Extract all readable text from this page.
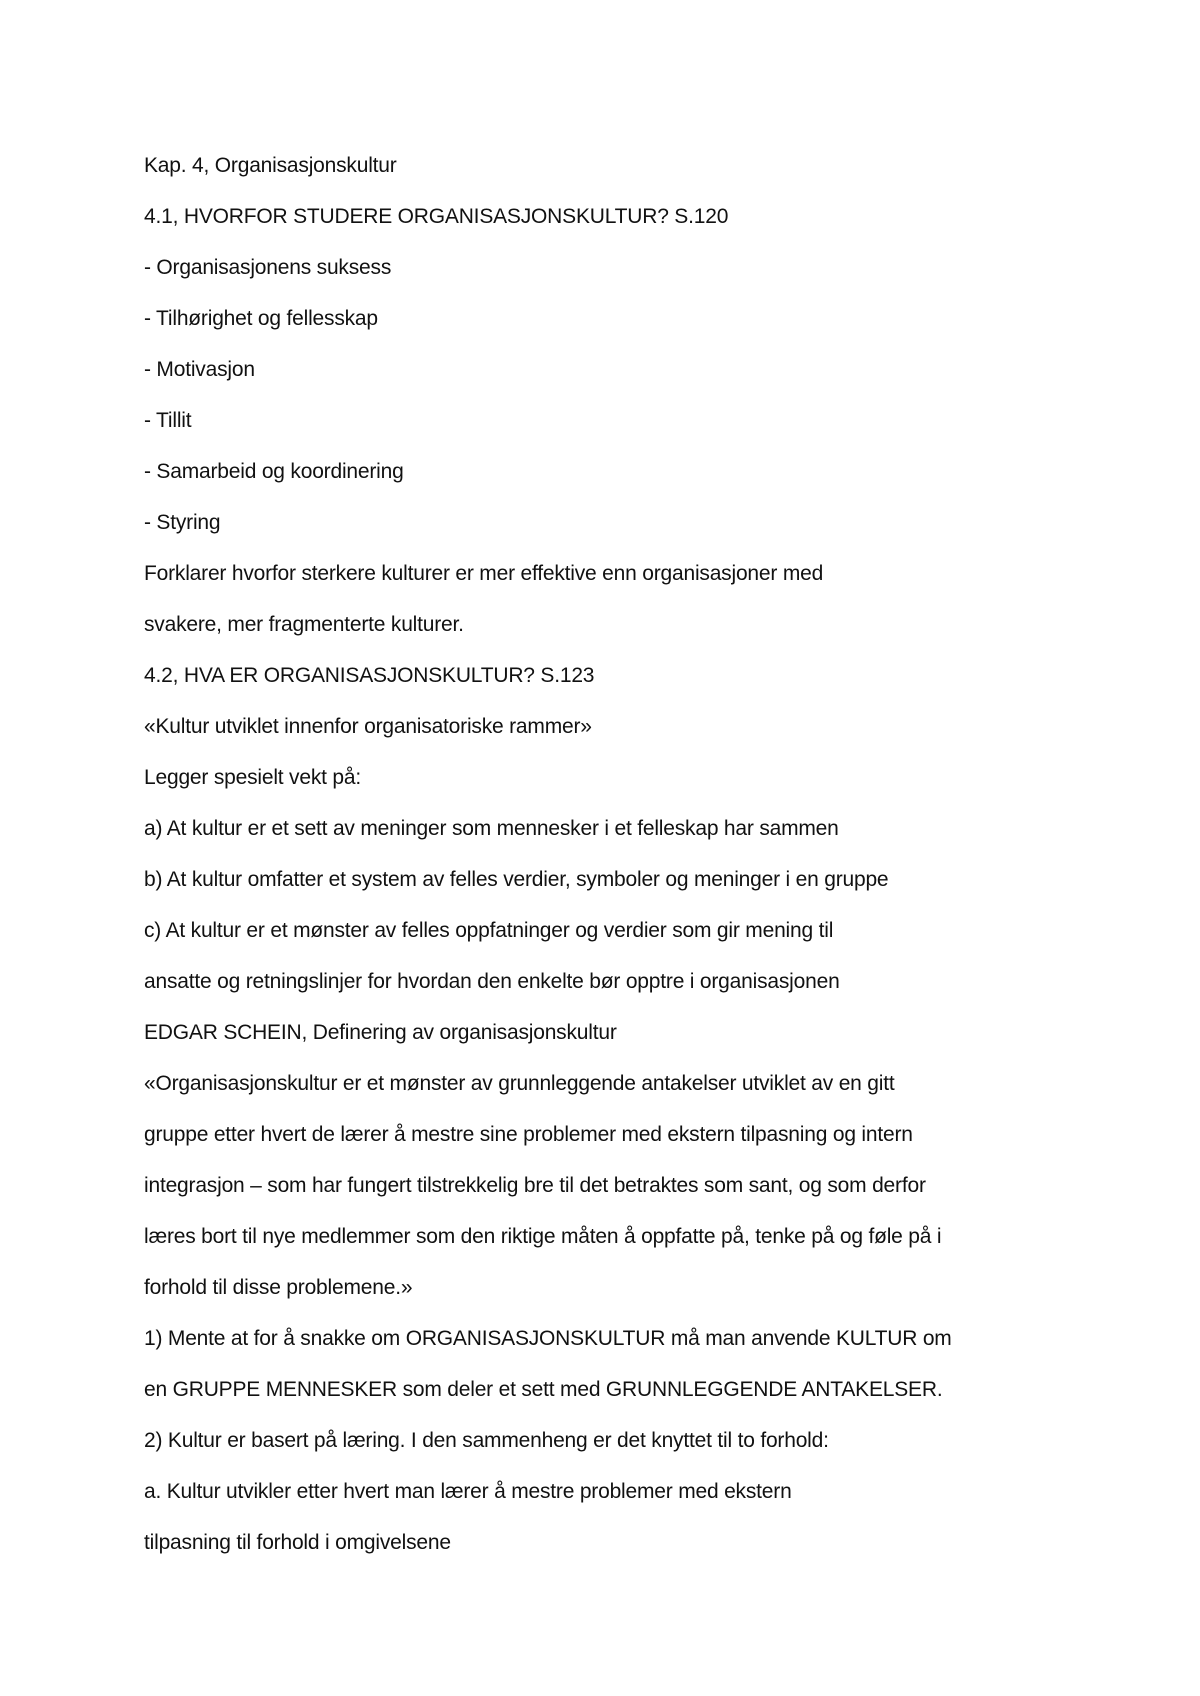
Kap. 4, Organisasjonskultur
4.1, HVORFOR STUDERE ORGANISASJONSKULTUR? S.120
- Organisasjonens suksess
- Tilhørighet og fellesskap
- Motivasjon
- Tillit
- Samarbeid og koordinering
- Styring
Forklarer hvorfor sterkere kulturer er mer effektive enn organisasjoner med
svakere, mer fragmenterte kulturer.
4.2, HVA ER ORGANISASJONSKULTUR? S.123
«Kultur utviklet innenfor organisatoriske rammer»
Legger spesielt vekt på:
a) At kultur er et sett av meninger som mennesker i et felleskap har sammen
b) At kultur omfatter et system av felles verdier, symboler og meninger i en gruppe
c) At kultur er et mønster av felles oppfatninger og verdier som gir mening til
ansatte og retningslinjer for hvordan den enkelte bør opptre i organisasjonen
EDGAR SCHEIN, Definering av organisasjonskultur
«Organisasjonskultur er et mønster av grunnleggende antakelser utviklet av en gitt
gruppe etter hvert de lærer å mestre sine problemer med ekstern tilpasning og intern
integrasjon – som har fungert tilstrekkelig bre til det betraktes som sant, og som derfor
læres bort til nye medlemmer som den riktige måten å oppfatte på, tenke på og føle på i
forhold til disse problemene.»
1) Mente at for å snakke om ORGANISASJONSKULTUR må man anvende KULTUR om
en GRUPPE MENNESKER som deler et sett med GRUNNLEGGENDE ANTAKELSER.
2) Kultur er basert på læring. I den sammenheng er det knyttet til to forhold:
a. Kultur utvikler etter hvert man lærer å mestre problemer med ekstern
tilpasning til forhold i omgivelsene
